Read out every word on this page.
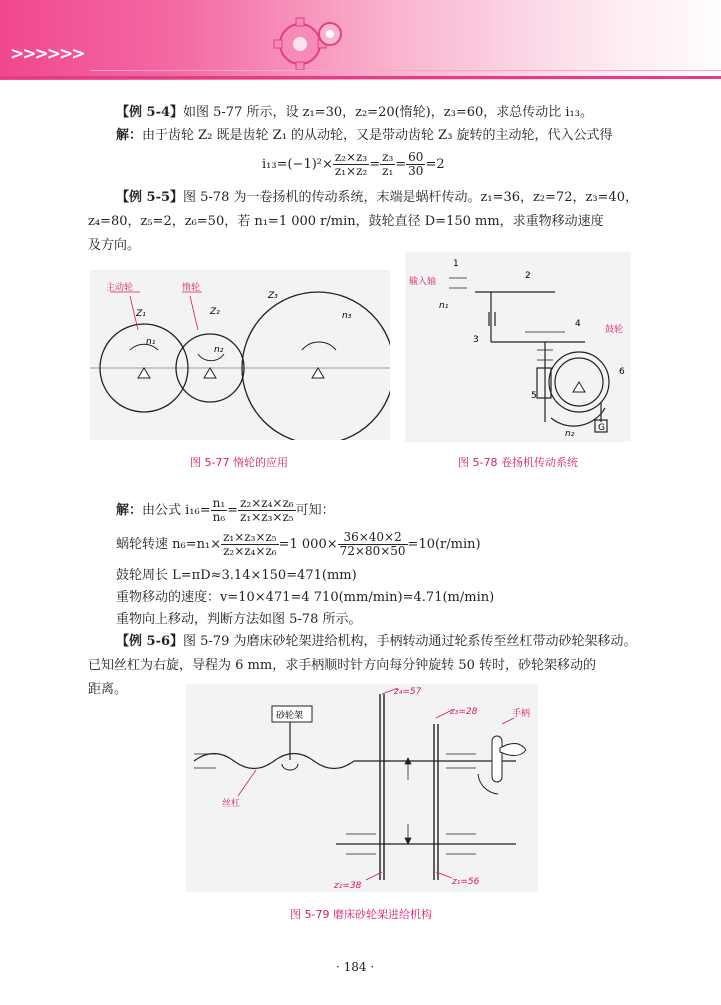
>>>>>>
【例 5-4】如图 5-77 所示，设 z₁=30，z₂=20(惰轮)，z₃=60，求总传动比 i₁₃。
解：由于齿轮 Z₂ 既是齿轮 Z₁ 的从动轮，又是带动齿轮 Z₃ 旋转的主动轮，代入公式得
$i_{13}=(-1)^2\times \frac{\text{z₂×z₃}}{\text{z₁×z₂}} = \frac{\text{z₃}}{\text{z₁}} = \frac{60}{30} =2$
【例 5-5】图 5-78 为一卷扬机的传动系统，末端是蜗杆传动。z₁=36，z₂=72，z₃=40，
z₄=80，z₅=2，z₆=50，若 n₁=1 000 r/min，鼓轮直径 D=150 mm，求重物移动速度
及方向。
主动轮	惰轮
Z₁	Z₂
Z₃
n₁
n₂
n₃
图 5-77 惰轮的应用
1
2
3
4
5
6
输入轴
鼓轮
n₁
n₂
G
图 5-78 卷扬机传动系统
解：由公式 $i_{16}= \frac{\text{n₁}}{\text{n₆}} = \frac{\text{z₂×z₄×z₆}}{\text{z₁×z₃×z₅}}$ 可知：
蜗轮转速 $n_6=n_1\times \frac{\text{z₁×z₃×z₅}}{\text{z₂×z₄×z₆}} =1$ $000\times \frac{36\times 40\times 2}{72\times 80\times 50} =10(r/\min)$
鼓轮周长 L=πD≈3.14×150=471(mm)
重物移动的速度：v=10×471=4 710(mm/min)=4.71(m/min)
重物向上移动，判断方法如图 5-78 所示。
【例 5-6】图 5-79 为磨床砂轮架进给机构，手柄转动通过轮系传至丝杠带动砂轮架移动。
已知丝杠为右旋，导程为 6 mm，求手柄顺时针方向每分钟旋转 50 转时，砂轮架移动的
距离。
砂轮架
丝杠
手柄
z₄=57
z₃=28
z₂=38	z₁=56
图 5-79 磨床砂轮架进给机构
· 184 ·
